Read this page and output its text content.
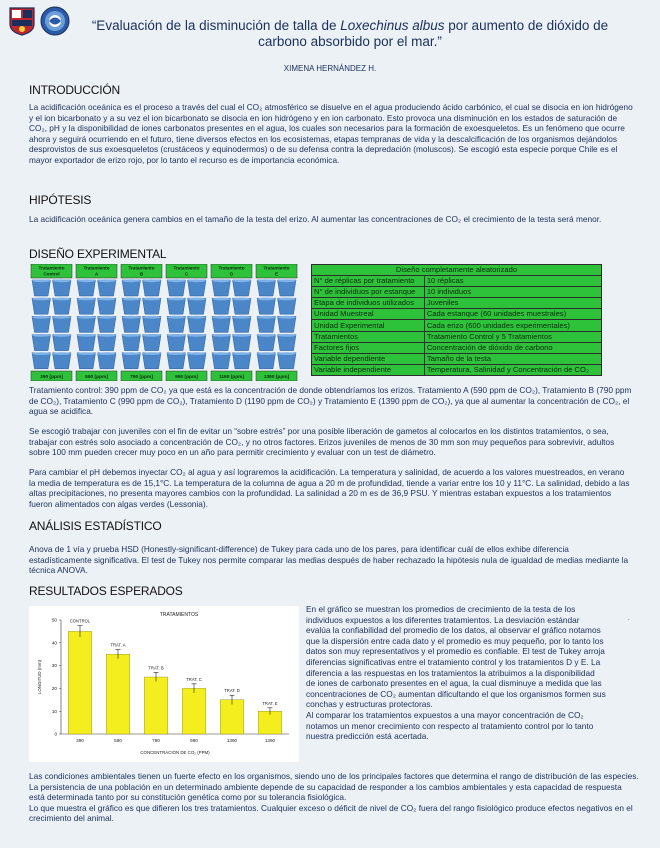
“Evaluación de la disminución de talla de Loxechinus albus por aumento de dióxido de carbono absorbido por el mar.”
XIMENA HERNÁNDEZ H.
INTRODUCCIÓN

La acidificación oceánica es el proceso a través del cual el CO₂ atmosférico se disuelve en el agua produciendo ácido carbónico, el cual se disocia en ion hidrógeno y el ion bicarbonato y a su vez el ion bicarbonato se disocia en ion hidrógeno y en ion carbonato. Esto provoca una disminución en los estados de saturación de CO₂, pH y la disponibilidad de iones carbonatos presentes en el agua, los cuales son necesarios para la formación de exoesqueletos. Es un fenómeno que ocurre ahora y seguirá ocurriendo en el futuro, tiene diversos efectos en los ecosistemas, etapas tempranas de vida y la descalcificación de los organismos dejándolos desprovistos de sus exoesqueletos (crustáceos y equinodermos) o de su defensa contra la depredación (moluscos). Se escogió esta especie porque Chile es el mayor exportador de erizo rojo, por lo tanto el recurso es de importancia económica.

HIPÓTESIS

La acidificación oceánica genera cambios en el tamaño de la testa del erizo. Al aumentar las concentraciones de CO₂ el crecimiento de la testa será menor.

DISEÑO EXPERIMENTAL
Tratamiento
Control
390 [ppm]
Tratamiento
A
590 [ppm]
Tratamiento
B
790 [ppm]
Tratamiento
C
990 [ppm]
Tratamiento
D
1190 [ppm]
Tratamiento
E
1390 [ppm]
Diseño completamente aleatorizado	
N° de réplicas por tratamiento	10 réplicas
N° de individuos por estanque	10 individuos
Etapa de individuos utilizados	Juveniles
Unidad Muestreal	Cada estanque (60 unidades muestrales)
Unidad Experimental	Cada erizo (600 unidades experimentales)
Tratamientos	Tratamiento Control y 5 Tratamientos
Factores fijos	Concentración de dióxido de carbono
Variable dependiente	Tamaño de la testa
Variable independiente	Temperatura, Salinidad y Concentración de CO₂

Tratamiento control: 390 ppm de CO₂ ya que está es la concentración de donde obtendríamos los erizos. Tratamiento A (590 ppm de CO₂), Tratamiento B (790 ppm de CO₂), Tratamiento C (990 ppm de CO₂), Tratamiento D (1190 ppm de CO₂) y Tratamiento E (1390 ppm de CO₂), ya que al aumentar la concentración de CO₂, el agua se acidifica.

Se escogió trabajar con juveniles con el fin de evitar un “sobre estrés” por una posible liberación de gametos al colocarlos en los distintos tratamientos, o sea, trabajar con estrés solo asociado a concentración de CO₂, y no otros factores. Erizos juveniles de menos de 30 mm son muy pequeños para sobrevivir, adultos sobre 100 mm pueden crecer muy poco en un año para permitir crecimiento y evaluar con un test de diámetro.

Para cambiar el pH debemos inyectar CO₂ al agua y así lograremos la acidificación. La temperatura y salinidad, de acuerdo a los valores muestreados, en verano la media de temperatura es de 15,1°C. La temperatura de la columna de agua a 20 m de profundidad, tiende a variar entre los 10 y 11°C. La salinidad, debido a las altas precipitaciones, no presenta mayores cambios con la profundidad. La salinidad a 20 m es de 36,9 PSU. Y mientras estaban expuestos a los tratamientos fueron alimentados con algas verdes (Lessonia).

ANÁLISIS ESTADÍSTICO

Anova de 1 vía y prueba HSD (Honestly-significant-difference) de Tukey para cada uno de los pares, para identificar cuál de ellos exhibe diferencia estadísticamente significativa. El test de Tukey nos permite comparar las medias después de haber rechazado la hipótesis nula de igualdad de medias mediante la técnica ANOVA.

RESULTADOS ESPERADOS
TRATAMIENTOS
0
10
20
30
40
50
LONGITUD (mm)
CONTROL
390
TRAT. A
590
TRAT. B
790
TRAT. C
990
TRAT. D
1390
TRAT. E
1390
CONCENTRACIÓN DE CO₂ (PPM)
En el gráfico se muestran los promedios de crecimiento de la testa de los individuos expuestos a los diferentes tratamientos. La desviación estándar evalúa la confiabilidad del promedio de los datos, al observar el gráfico notamos que la dispersión entre cada dato y el promedio es muy pequeño, por lo tanto los datos son muy representativos y el promedio es confiable. El test de Tukey arroja diferencias significativas entre el tratamiento control y los tratamientos D y E. La diferencia a las respuestas en los tratamientos la atribuimos a la disponibilidad de iones de carbonato presentes en el agua, la cual disminuye a medida que las concentraciones de CO₂ aumentan dificultando el que los organismos formen sus conchas y estructuras protectoras.
Al comparar los tratamientos expuestos a una mayor concentración de CO₂ notamos un menor crecimiento con respecto al tratamiento control por lo tanto nuestra predicción está acertada.
.
Las condiciones ambientales tienen un fuerte efecto en los organismos, siendo uno de los principales factores que determina el rango de distribución de las especies. La persistencia de una población en un determinado ambiente depende de su capacidad de responder a los cambios ambientales y esta capacidad de respuesta está determinada tanto por su constitución genética como por su tolerancia fisiológica.
Lo que muestra el gráfico es que difieren los tres tratamientos. Cualquier exceso o déficit de nivel de CO₂ fuera del rango fisiológico produce efectos negativos en el crecimiento del animal.
